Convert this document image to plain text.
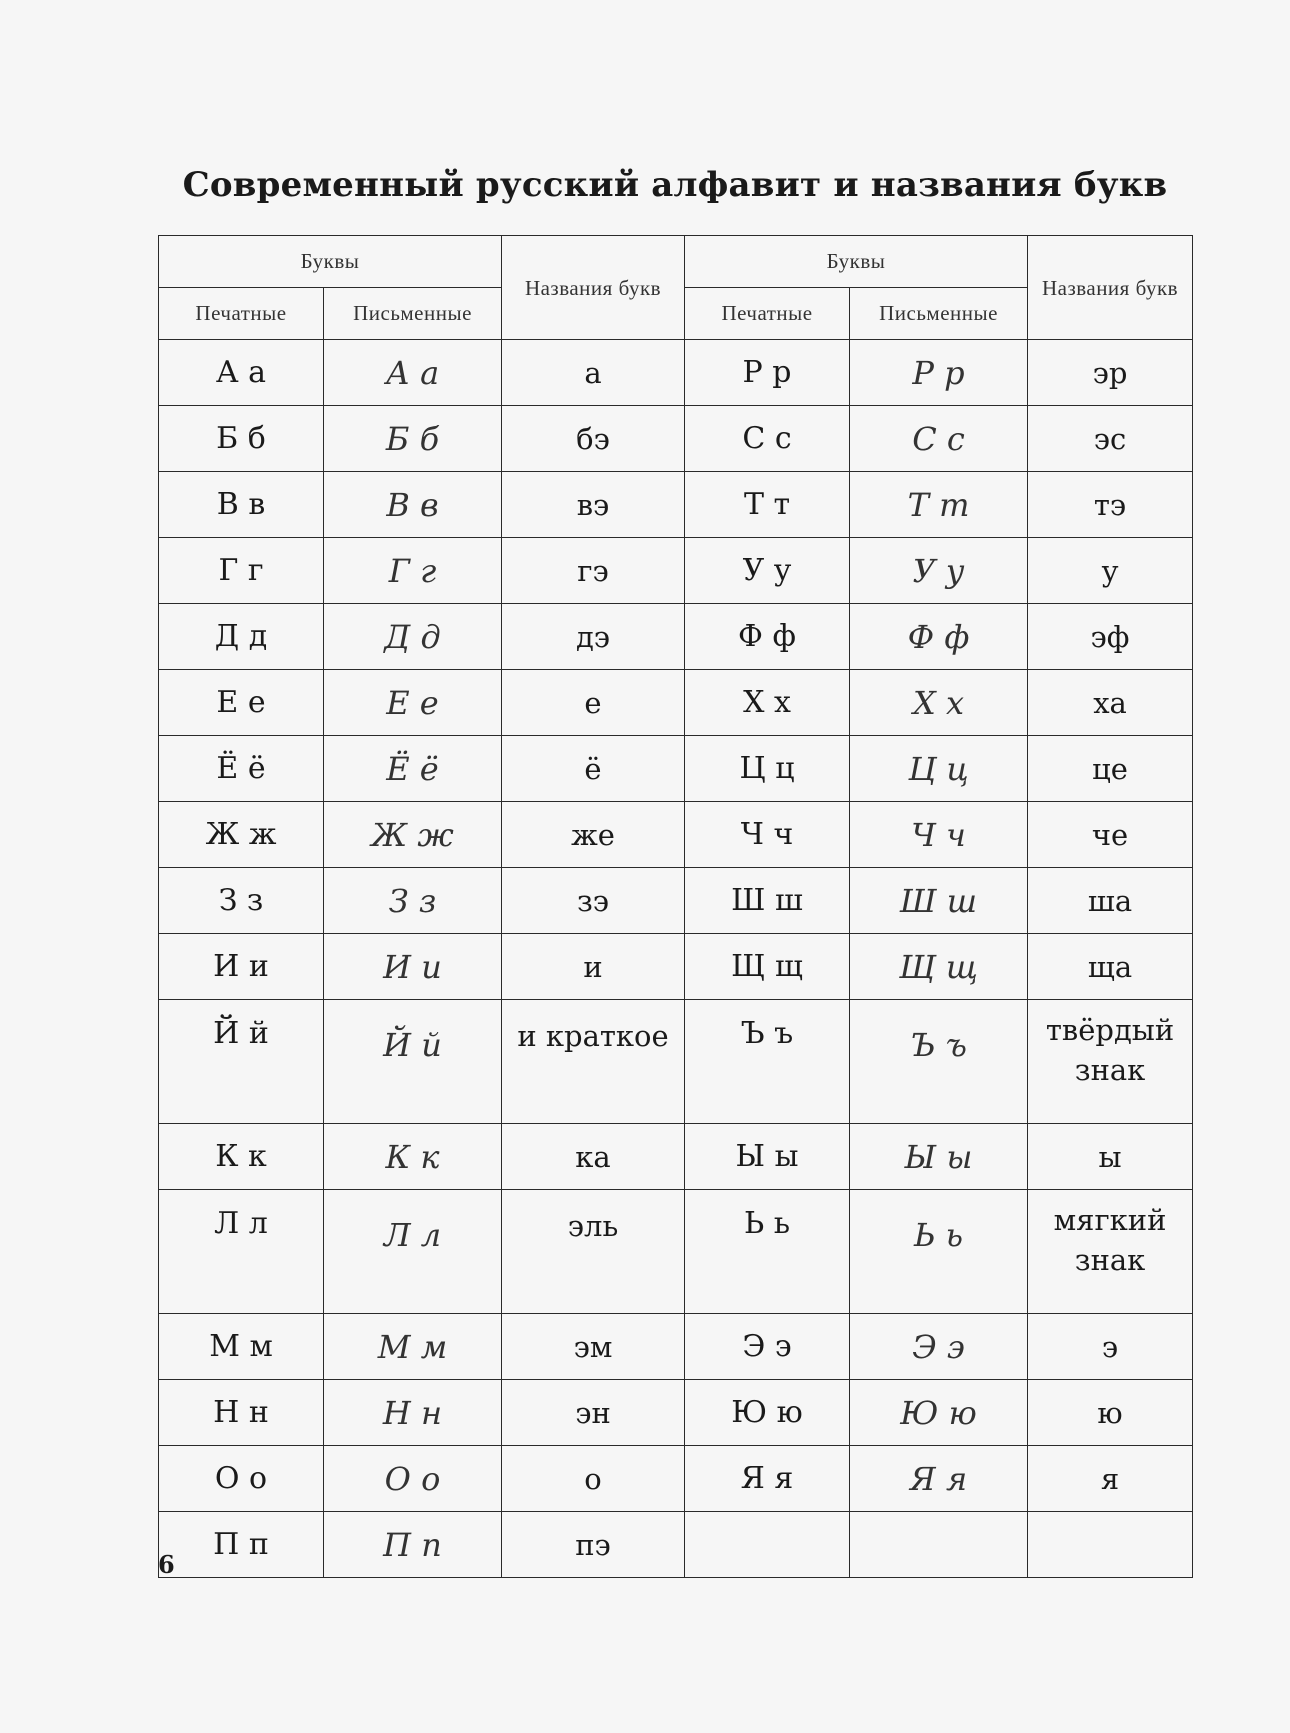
Современный русский алфавит и названия букв
Буквы		Названия букв	Буквы		Названия букв
Печатные	Письменные		Печатные	Письменные	
А а	А а	а	Р р	Р р	эр
Б б	Б б	бэ	С с	С с	эс
В в	В в	вэ	Т т	Т т	тэ
Г г	Г г	гэ	У у	У у	у
Д д	Д д	дэ	Ф ф	Ф ф	эф
Е е	Е е	е	Х х	Х х	ха
Ё ё	Ё ё	ё	Ц ц	Ц ц	це
Ж ж	Ж ж	же	Ч ч	Ч ч	че
З з	З з	зэ	Ш ш	Ш ш	ша
И и	И и	и	Щ щ	Щ щ	ща
Й й	Й й	и краткое	Ъ ъ	Ъ ъ	твёрдый знак
К к	К к	ка	Ы ы	Ы ы	ы
Л л	Л л	эль	Ь ь	Ь ь	мягкий знак
М м	М м	эм	Э э	Э э	э
Н н	Н н	эн	Ю ю	Ю ю	ю
О о	О о	о	Я я	Я я	я
П п	П п	пэ			
6
